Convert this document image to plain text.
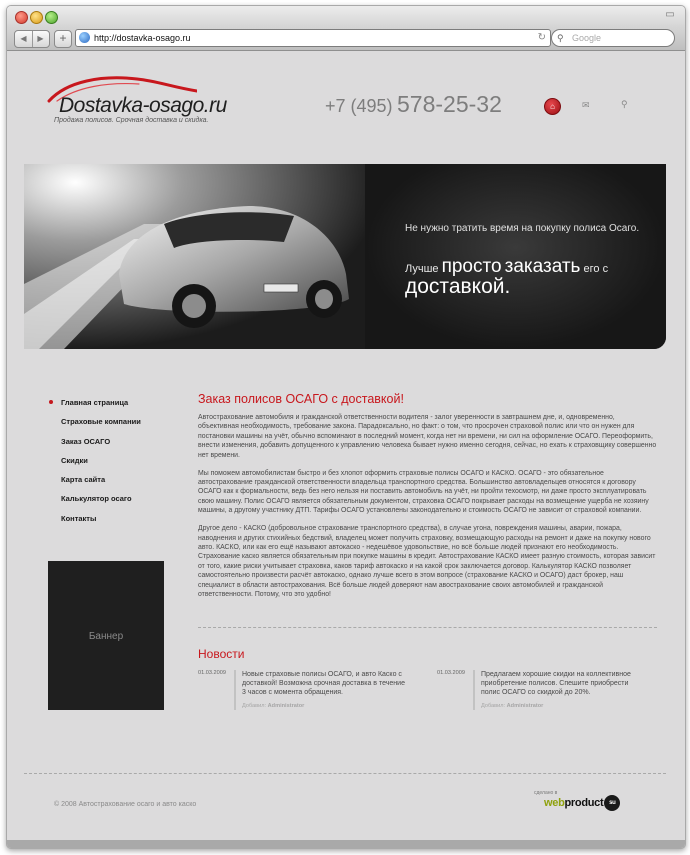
▭
◀	▶	+	http://dostavka-osago.ru	↻ ⚲ Google
Dostavka-osago.ru
Продажа полисов. Срочная доставка и скидка.
+7 (495) 578-25-32	⌂	✉	⚲
Не нужно тратить время на покупку полиса Осаго.
Лучше просто заказать его с
доставкой.
Главная страница
Страховые компании
Заказ ОСАГО
Скидки
Карта сайта
Калькулятор осаго
Контакты
Баннер
Заказ полисов ОСАГО с доставкой!

Автострахование автомобиля и гражданской ответственности водителя - залог уверенности в завтрашнем дне, и, одновременно, объективная необходимость, требование закона. Парадоксально, но факт: о том, что просрочен страховой полис или что он нужен для постановки машины на учёт, обычно вспоминают в последний момент, когда нет ни времени, ни сил на оформление ОСАГО. Переоформить, внести изменения, добавить допущенного к управлению человека бывает нужно именно сегодня, сейчас, но ехать к страховщику совершенно нет времени.

Мы поможем автомобилистам быстро и без хлопот оформить страховые полисы ОСАГО и КАСКО. ОСАГО - это обязательное автострахование гражданской ответственности владельца транспортного средства. Большинство автовладельцев относятся к договору ОСАГО как к формальности, ведь без него нельзя ни поставить автомобиль на учёт, ни пройти техосмотр, ни даже просто эксплуатировать свою машину. Полис ОСАГО является обязательным документом, страховка ОСАГО покрывает расходы на возмещение ущерба не хозяину машины, а другому участнику ДТП. Тарифы ОСАГО установлены законодательно и стоимость ОСАГО не зависит от страховой компании.

Другое дело - КАСКО (добровольное страхование транспортного средства), в случае угона, повреждения машины, аварии, пожара, наводнения и других стихийных бедствий, владелец может получить страховку, возмещающую расходы на ремонт и даже на покупку нового авто. КАСКО, или как его ещё называют автокаско - недешёвое удовольствие, но всё больше людей признают его необходимость. Страхование каско является обязательным при покупке машины в кредит. Автострахование КАСКО имеет разную стоимость, которая зависит от того, какие риски учитывает страховка, каков тариф автокаско и на какой срок заключается договор. Калькулятор КАСКО позволяет самостоятельно произвести расчёт автокаско, однако лучше всего в этом вопросе (страхование КАСКО и ОСАГО) даст брокер, наш специалист в области автострахования. Всё больше людей доверяют нам авострахование своих автомобилей и гражданской ответственности. Потому, что это удобно!

Новости
01.03.2009 Новые страховые полисы ОСАГО, и авто Каско с доставкой! Возможна срочная доставка в течение 3 часов с момента обращения.
Добавил: Administrator
01.03.2009 Предлагаем хорошие скидки на коллективное приобретение полисов. Спешите приобрести полис ОСАГО со скидкой до 20%.
Добавил: Administrator
© 2008 Автострахование осаго и авто каско
сделано в
webproduct su
